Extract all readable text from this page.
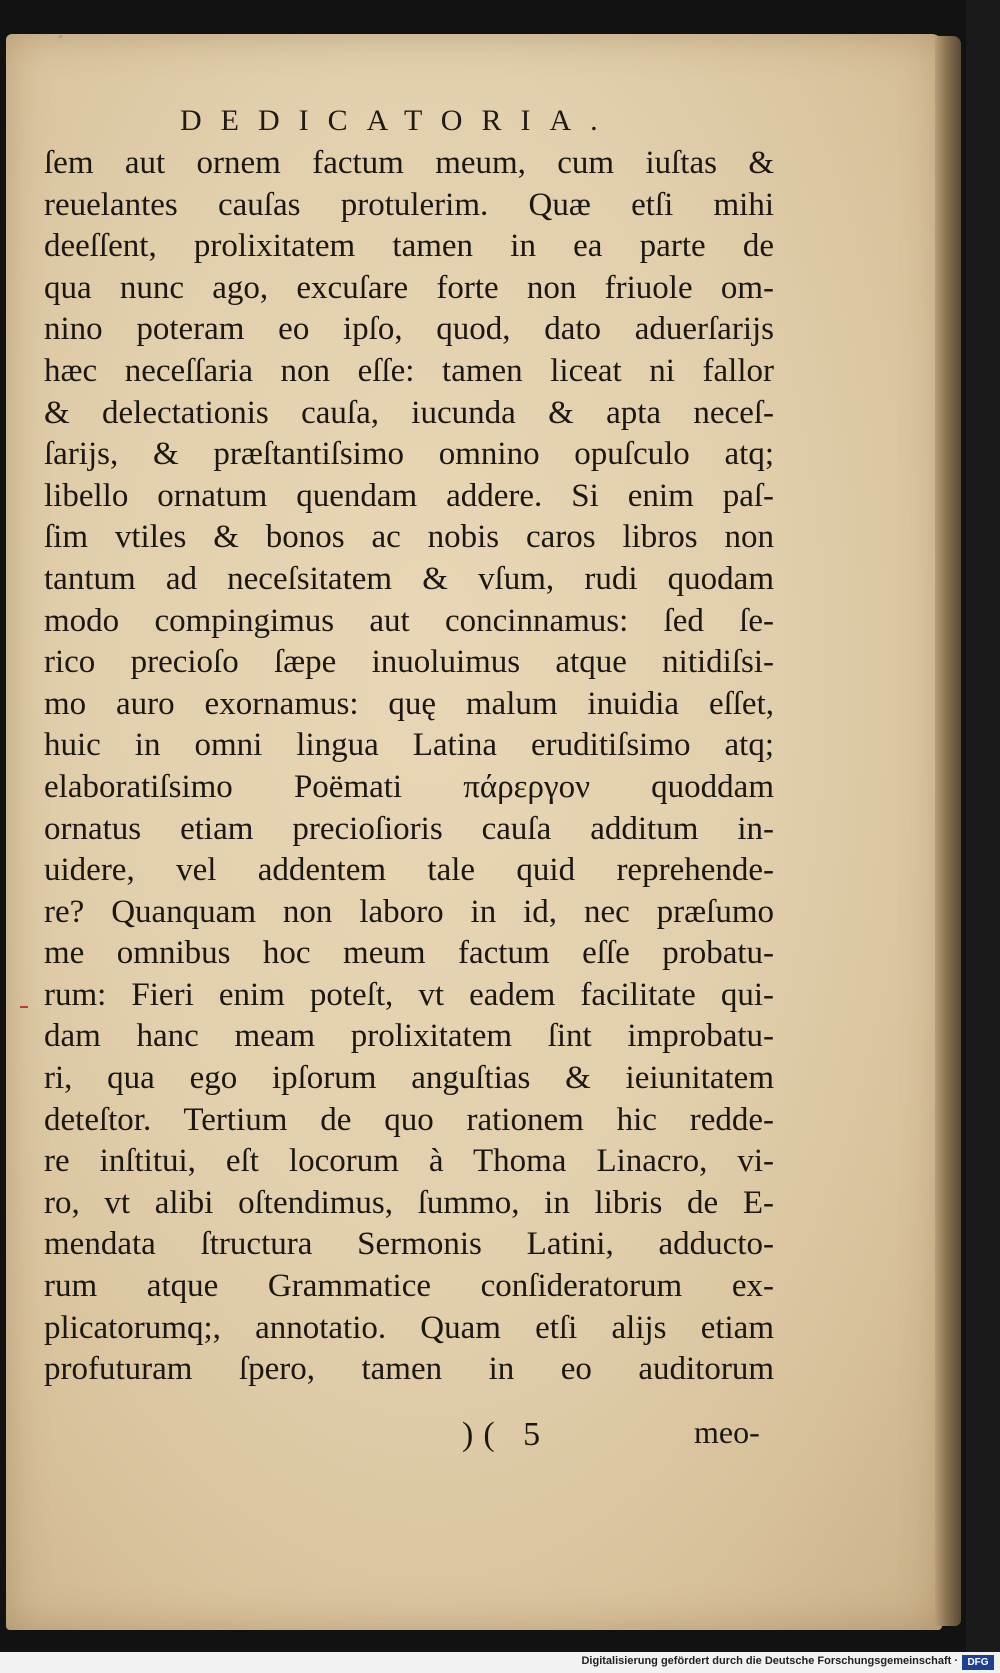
″
DEDICATORIA.
ſem aut ornem factum meum, cum iuſtas &
reuelantes cauſas protulerim. Quæ etſi mihi
deeſſent, prolixitatem tamen in ea parte de
qua nunc ago, excuſare forte non friuole om-
nino poteram eo ipſo, quod, dato aduerſarijs
hæc neceſſaria non eſſe: tamen liceat ni fallor
& delectationis cauſa, iucunda & apta neceſ-
ſarijs, & præſtantiſsimo omnino opuſculo atq;
libello ornatum quendam addere. Si enim paſ-
ſim vtiles & bonos ac nobis caros libros non
tantum ad neceſsitatem & vſum, rudi quodam
modo compingimus aut concinnamus: ſed ſe-
rico precioſo ſæpe inuoluimus atque nitidiſsi-
mo auro exornamus: quę malum inuidia eſſet,
huic in omni lingua Latina eruditiſsimo atq;
elaboratiſsimo Poëmati πάρεργον quoddam
ornatus etiam precioſioris cauſa additum in-
uidere, vel addentem tale quid reprehende-
re? Quanquam non laboro in id, nec præſumo
me omnibus hoc meum factum eſſe probatu-
rum: Fieri enim poteſt, vt eadem facilitate qui-
dam hanc meam prolixitatem ſint improbatu-
ri, qua ego ipſorum anguſtias & ieiunitatem
deteſtor. Tertium de quo rationem hic redde-
re inſtitui, eſt locorum à Thoma Linacro, vi-
ro, vt alibi oſtendimus, ſummo, in libris de E-
mendata ſtructura Sermonis Latini, adducto-
rum atque Grammatice conſideratorum ex-
plicatorumq;, annotatio. Quam etſi alijs etiam
profuturam ſpero, tamen in eo auditorum
)( 5	meo-
Digitalisierung gefördert durch die Deutsche Forschungsgemeinschaft · DFG
